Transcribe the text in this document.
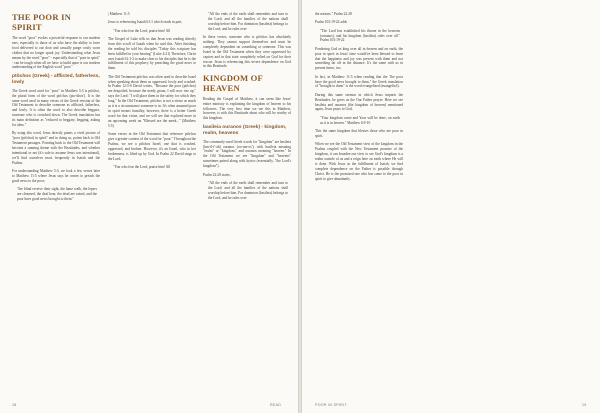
THE POOR IN SPIRIT

The word "poor" evokes a powerful response to our modern ears, especially to those of us who have the ability to have food delivered to our door and casually purge costly worn clothes that no longer spark joy. Understanding what Jesus means by the word "poor" - especially that of "poor in spirit" - can be tough when all we have to build upon is our modern understanding of the English word "poor."

ptôchos (Greek) - afflicted, fatherless, lowly

The Greek word used for "poor" in Matthew 5:3 is ptôchoi, the plural form of the word ptôchos (pto-khos'). It is the same word used in many verses of the Greek version of the Old Testament to describe someone as afflicted, fatherless, and lowly. It is often the word to also describe beggars, someone who is crouched down. The Greek translation has its main definition as "reduced to beggary, begging, asking for alms."

By using this word, Jesus directly paints a vivid picture of "poor (ptôchoi) in spirit" and in doing so, points back to Old Testament passages. Pointing back to the Old Testament will become a running theme with the Beatitudes, and whether intentional or not (it's safe to assume Jesus was intentional), we'll find ourselves most frequently in Isaiah and the Psalms.

For understanding Matthew 5:3, we look a few verses later to Matthew 11:5 where Jesus says he comes to preach the good news to the poor;

"the blind receive their sight, the lame walk, the lepers are cleansed, the deaf hear, the dead are raised, and the poor have good news brought to them."

| Matthew 11:5

Jesus is referencing Isaiah 61:1 which reads in part,

"You who fear the Lord, praise him! All

The Gospel of Luke tells us that Jesus was reading directly from this scroll of Isaiah when he said this. After finishing the reading he told his disciples "Today this scripture has been fulfilled in your hearing" (Luke 4:21) Therefore, Christ uses Isaiah 61:1-2 to make clear to his disciples that he is the fulfillment of this prophecy by preaching the good news to them.

The Old Testament ptôchos was often used to describe Israel when speaking about them as oppressed, lowly and crushed. In Psalm 12:5-6 David writes, "Because the poor (ptôchos) are despoiled, because the needy groan, I will now rise up," says the Lord; "I will place them in the safety for which they long." In the Old Testament, ptôchos is not a virtue as much as it is a circumstance someone is in. It's often assumed poor in spirit means humility, however, there is a better Greek word for that virtue, and we will see that explored more in an upcoming week on "Blessed are the meek..." (Matthew 5:5)

Some verses in the Old Testament that reference ptôchos give a greater context of the word for "poor." Throughout the Psalms, we see a ptôchos Israel, one that is crushed, oppressed, and broken. However, it's an Israel, who in her brokenness, is lifted up by God. In Psalm 22 David sings to the Lord,

"You who fear the Lord, praise him! All

"All the ends of the earth shall remember and turn to the Lord; and all the families of the nations shall worship before him. For dominion (basileia) belongs to the Lord, and he rules over

In these verses, someone who is ptôchos has absolutely nothing. They cannot support themselves and must be completely dependent on something or someone. This was Israel in the Old Testament when they were oppressed by captors and in that state completely relied on God for their rescue. Jesus is referencing this severe dependence on God in this Beatitude.

KINGDOM OF HEAVEN

Reading the Gospel of Matthew, it can seem like Jesus' entire ministry is explaining the kingdom of heaven to his followers. The very first time we see this in Matthew, however, is with this Beatitude about who will be worthy of this kingdom.

basileia ouranos (Greek) - kingdom, realm, heavens

The commonly-used Greek words for "kingdom" are basileia (bas-il-i'-ah) ouranos (oo-ran-os'), with basileia meaning "realm" or "kingdom," and ouranos meaning "heaven." In the Old Testament we see "kingdom" and "heavens" sometimes paired along with kyrios (essentially, "the Lord's kingdom").

Psalm 22:28 states,

"All the ends of the earth shall remember and turn to the Lord; and all the families of the nations shall worship before him. For dominion (basileia) belongs to the Lord, and he rules over

18	READ

the nations." Psalm 22:28

Psalm 103:19-22 adds

"The Lord has established his throne in the heavens (ouranos), and his kingdom (basileia) rules over all." Psalm 103:19-22

Pondering God as king over all in heaven and on earth, the poor in spirit in Jesus' time would've been blessed to learn that the happiness and joy was present with them and not something far off in the distance. It's the same with us in present times, too.

In fact, in Matthew 11:5 when reading that the "the poor have the good news brought to them," the Greek translation of "brought to them" is the word evangelized (euangelizô).

During this same sermon in which Jesus imparts the Beatitudes, he gives us the Our Father prayer. Here we see basileia and ouranos (the kingdom of heaven) mentioned again, Jesus prays to God,

"Your kingdom come and Your will be done, on earth as it is in heaven." Matthew 6:9-10

This the same kingdom that blesses those who are poor in spirit.

When we see the Old Testament view of the kingdom in the Psalms coupled with the New Testament promise of the kingdom, it can broaden our view to see God's kingdom is a realm outside of us and a reign here on earth where He will is done. With Jesus as the fulfillment of Isaiah, we find complete dependence on the Father is possible through Christ. He is the promised one who has come to the poor in spirit to give abundantly.

POOR IN SPIRIT	19
